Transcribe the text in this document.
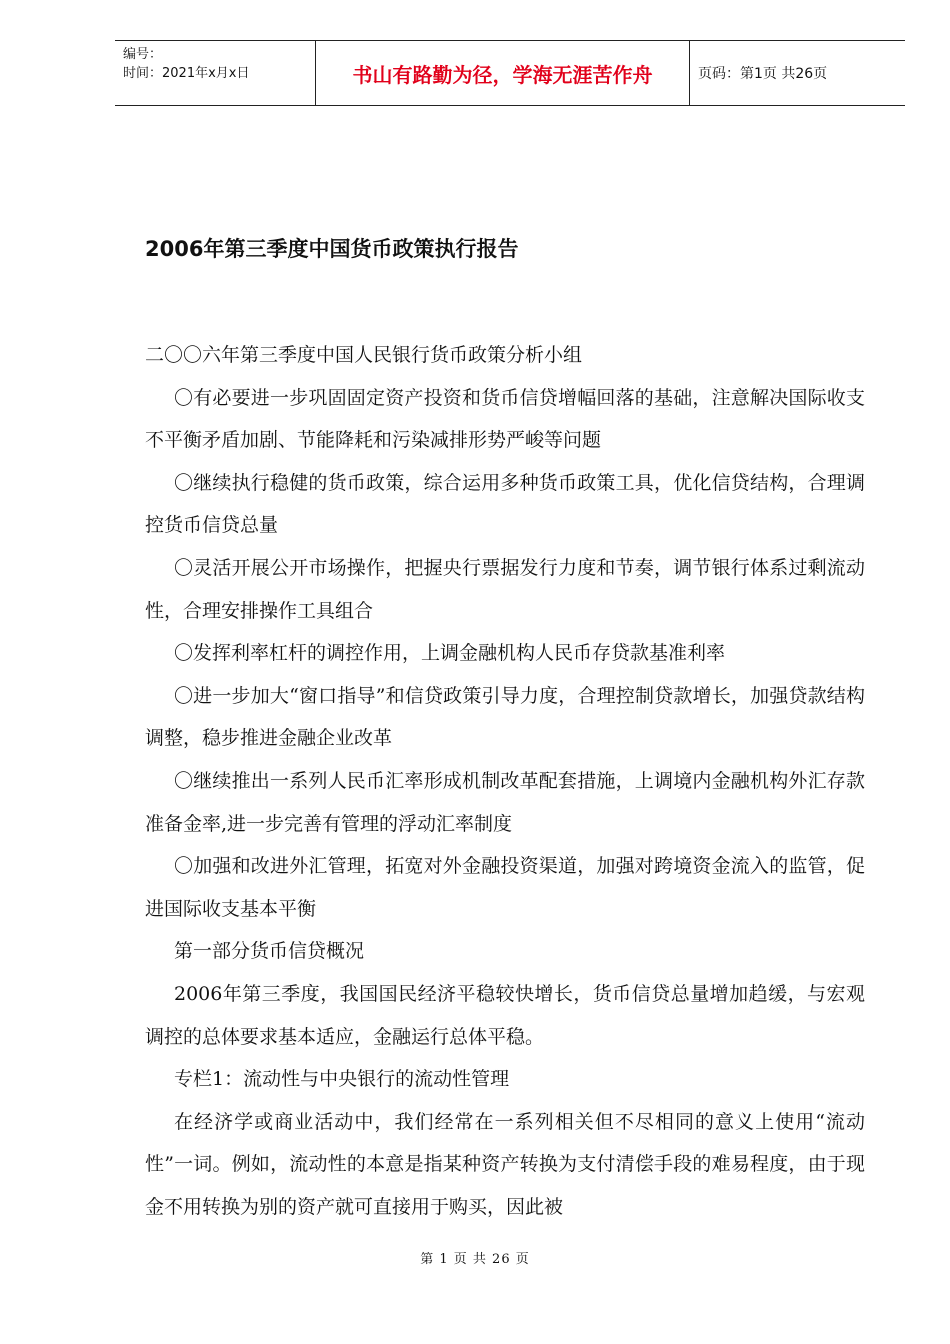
编号：
时间：2021年x月x日	书山有路勤为径，学海无涯苦作舟	页码：第1页 共26页
2006年第三季度中国货币政策执行报告

二〇〇六年第三季度中国人民银行货币政策分析小组

〇有必要进一步巩固固定资产投资和货币信贷增幅回落的基础，注意解决国际收支不平衡矛盾加剧、节能降耗和污染减排形势严峻等问题

〇继续执行稳健的货币政策，综合运用多种货币政策工具，优化信贷结构，合理调控货币信贷总量

〇灵活开展公开市场操作，把握央行票据发行力度和节奏，调节银行体系过剩流动性，合理安排操作工具组合

〇发挥利率杠杆的调控作用，上调金融机构人民币存贷款基准利率

〇进一步加大“窗口指导”和信贷政策引导力度，合理控制贷款增长，加强贷款结构调整，稳步推进金融企业改革

〇继续推出一系列人民币汇率形成机制改革配套措施，上调境内金融机构外汇存款准备金率,进一步完善有管理的浮动汇率制度

〇加强和改进外汇管理，拓宽对外金融投资渠道，加强对跨境资金流入的监管，促进国际收支基本平衡

第一部分货币信贷概况

2006年第三季度，我国国民经济平稳较快增长，货币信贷总量增加趋缓，与宏观调控的总体要求基本适应，金融运行总体平稳。

专栏1：流动性与中央银行的流动性管理

在经济学或商业活动中，我们经常在一系列相关但不尽相同的意义上使用“流动性”一词。例如，流动性的本意是指某种资产转换为支付清偿手段的难易程度，由于现金不用转换为别的资产就可直接用于购买，因此被

第 1 页 共 26 页
